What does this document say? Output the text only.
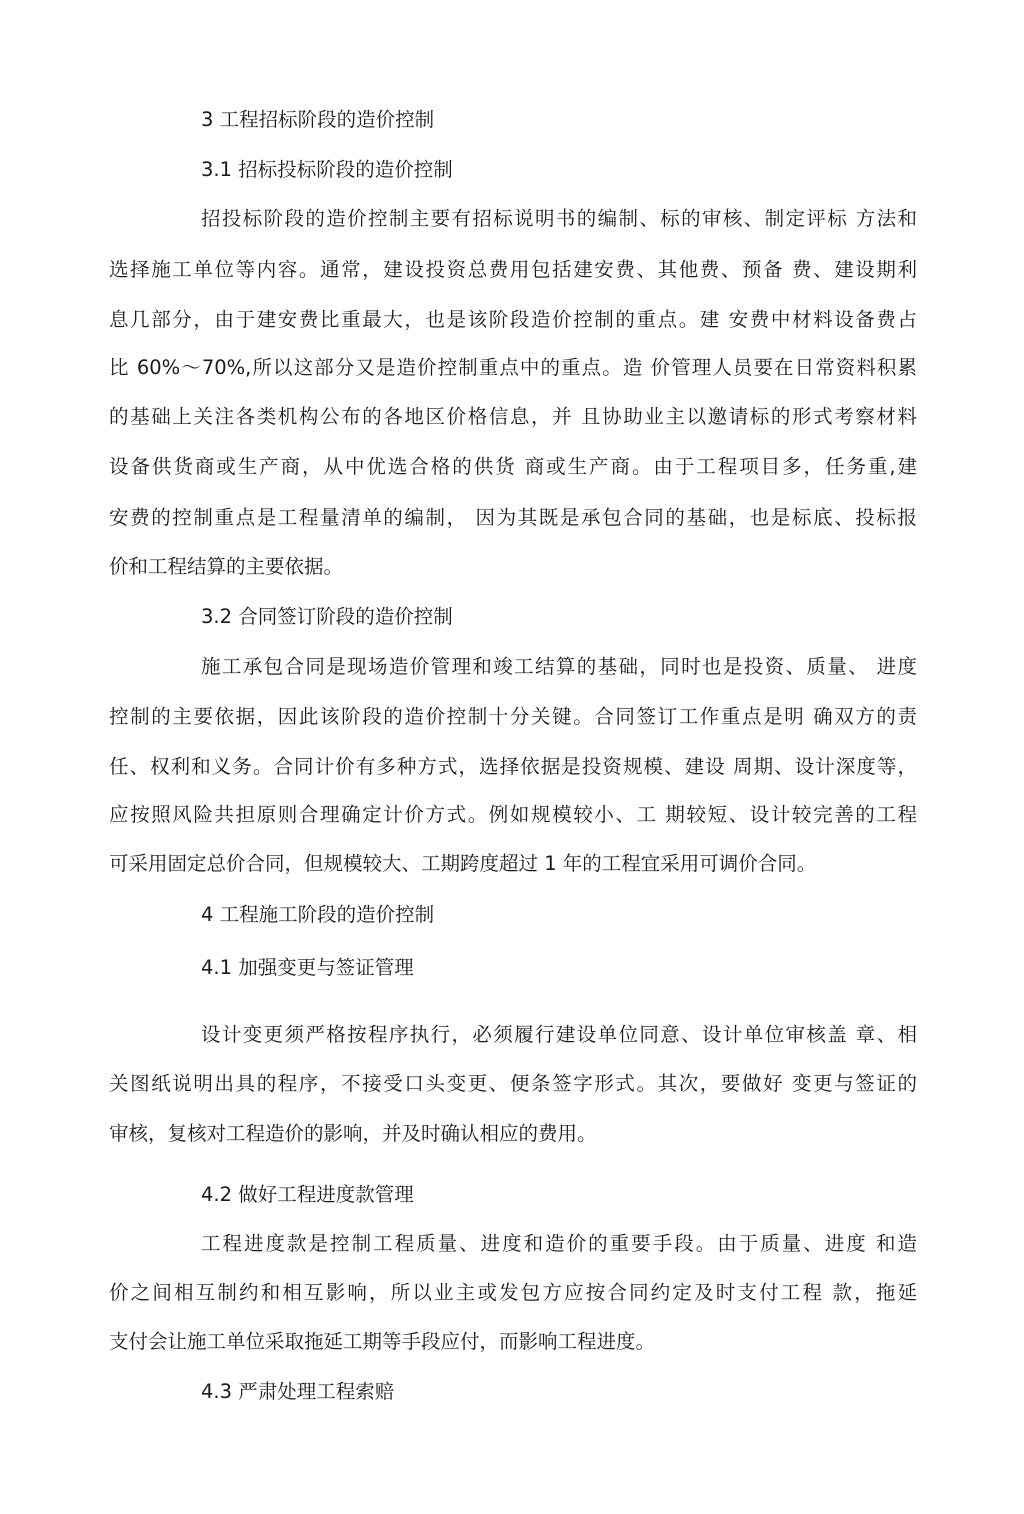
3 工程招标阶段的造价控制

3.1 招标投标阶段的造价控制

招投标阶段的造价控制主要有招标说明书的编制、标的审核、制定评标 方法和

选择施工单位等内容。通常，建设投资总费用包括建安费、其他费、预备 费、建设期利

息几部分，由于建安费比重最大，也是该阶段造价控制的重点。建 安费中材料设备费占

比 60%～70%,所以这部分又是造价控制重点中的重点。造 价管理人员要在日常资料积累

的基础上关注各类机构公布的各地区价格信息，并 且协助业主以邀请标的形式考察材料

设备供货商或生产商，从中优选合格的供货 商或生产商。由于工程项目多，任务重,建

安费的控制重点是工程量清单的编制， 因为其既是承包合同的基础，也是标底、投标报

价和工程结算的主要依据。

3.2 合同签订阶段的造价控制

施工承包合同是现场造价管理和竣工结算的基础，同时也是投资、质量、 进度

控制的主要依据，因此该阶段的造价控制十分关键。合同签订工作重点是明 确双方的责

任、权利和义务。合同计价有多种方式，选择依据是投资规模、建设 周期、设计深度等，

应按照风险共担原则合理确定计价方式。例如规模较小、工 期较短、设计较完善的工程

可采用固定总价合同，但规模较大、工期跨度超过 1 年的工程宜采用可调价合同。

4 工程施工阶段的造价控制

4.1 加强变更与签证管理

设计变更须严格按程序执行，必须履行建设单位同意、设计单位审核盖 章、相

关图纸说明出具的程序，不接受口头变更、便条签字形式。其次，要做好 变更与签证的

审核，复核对工程造价的影响，并及时确认相应的费用。

4.2 做好工程进度款管理

工程进度款是控制工程质量、进度和造价的重要手段。由于质量、进度 和造

价之间相互制约和相互影响，所以业主或发包方应按合同约定及时支付工程 款，拖延

支付会让施工单位采取拖延工期等手段应付，而影响工程进度。

4.3 严肃处理工程索赔
